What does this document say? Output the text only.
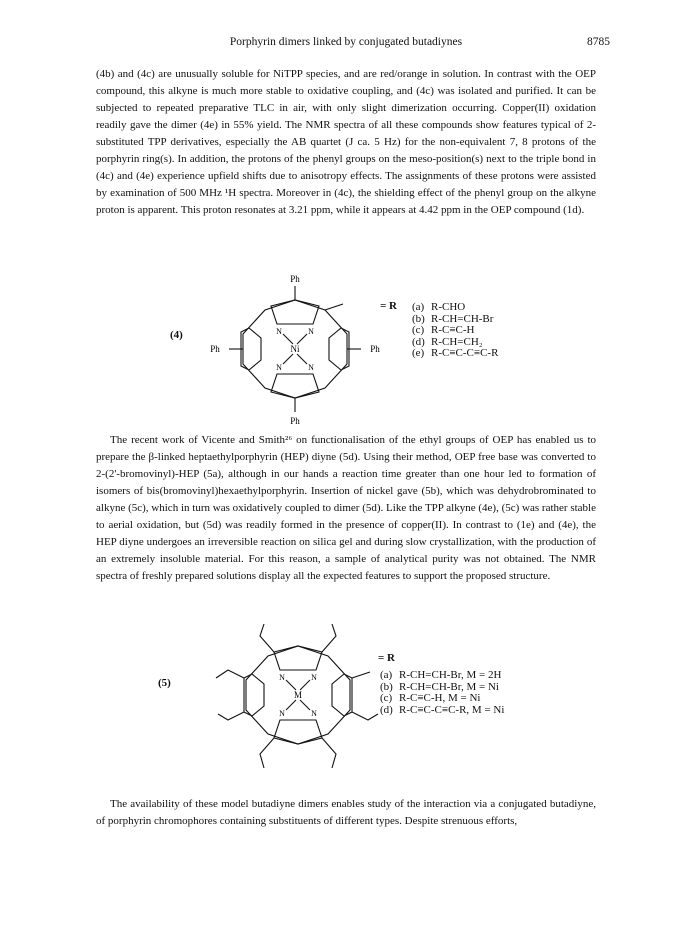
Porphyrin dimers linked by conjugated butadiynes	8785

(4b) and (4c) are unusually soluble for NiTPP species, and are red/orange in solution. In contrast with the OEP compound, this alkyne is much more stable to oxidative coupling, and (4c) was isolated and purified. It can be subjected to repeated preparative TLC in air, with only slight dimerization occurring. Copper(II) oxidation readily gave the dimer (4e) in 55% yield. The NMR spectra of all these compounds show features typical of 2-substituted TPP derivatives, especially the AB quartet (J ca. 5 Hz) for the non-equivalent 7, 8 protons of the porphyrin ring(s). In addition, the protons of the phenyl groups on the meso-position(s) next to the triple bond in (4c) and (4e) experience upfield shifts due to anisotropy effects. The assignments of these protons were assisted by examination of 500 MHz ¹H spectra. Moreover in (4c), the shielding effect of the phenyl group on the alkyne proton is apparent. This proton resonates at 3.21 ppm, while it appears at 4.42 ppm in the OEP compound (1d).

(4)
Ph
Ph
Ph	Ph
Ni
N	N
N	N
= R (a) R-CHO
(b) R-CH=CH-Br
(c) R-C≡C-H
(d) R-CH=CH₂
(e) R-C≡C-C≡C-R

The recent work of Vicente and Smith²⁶ on functionalisation of the ethyl groups of OEP has enabled us to prepare the β-linked heptaethylporphyrin (HEP) diyne (5d). Using their method, OEP free base was converted to 2-(2'-bromovinyl)-HEP (5a), although in our hands a reaction time greater than one hour led to formation of isomers of bis(bromovinyl)hexaethylporphyrin. Insertion of nickel gave (5b), which was dehydrobrominated to alkyne (5c), which in turn was oxidatively coupled to dimer (5d). Like the TPP alkyne (4e), (5c) was rather stable to aerial oxidation, but (5d) was readily formed in the presence of copper(II). In contrast to (1e) and (4e), the HEP diyne undergoes an irreversible reaction on silica gel and during slow crystallization, with the production of an extremely insoluble material. For this reason, a sample of analytical purity was not obtained. The NMR spectra of freshly prepared solutions display all the expected features to support the proposed structure.

(5)
M
N	N
N	N
= R
(a) R-CH=CH-Br, M = 2H
(b) R-CH=CH-Br, M = Ni
(c) R-C≡C-H, M = Ni
(d) R-C≡C-C≡C-R, M = Ni

The availability of these model butadiyne dimers enables study of the interaction via a conjugated butadiyne, of porphyrin chromophores containing substituents of different types. Despite strenuous efforts,
